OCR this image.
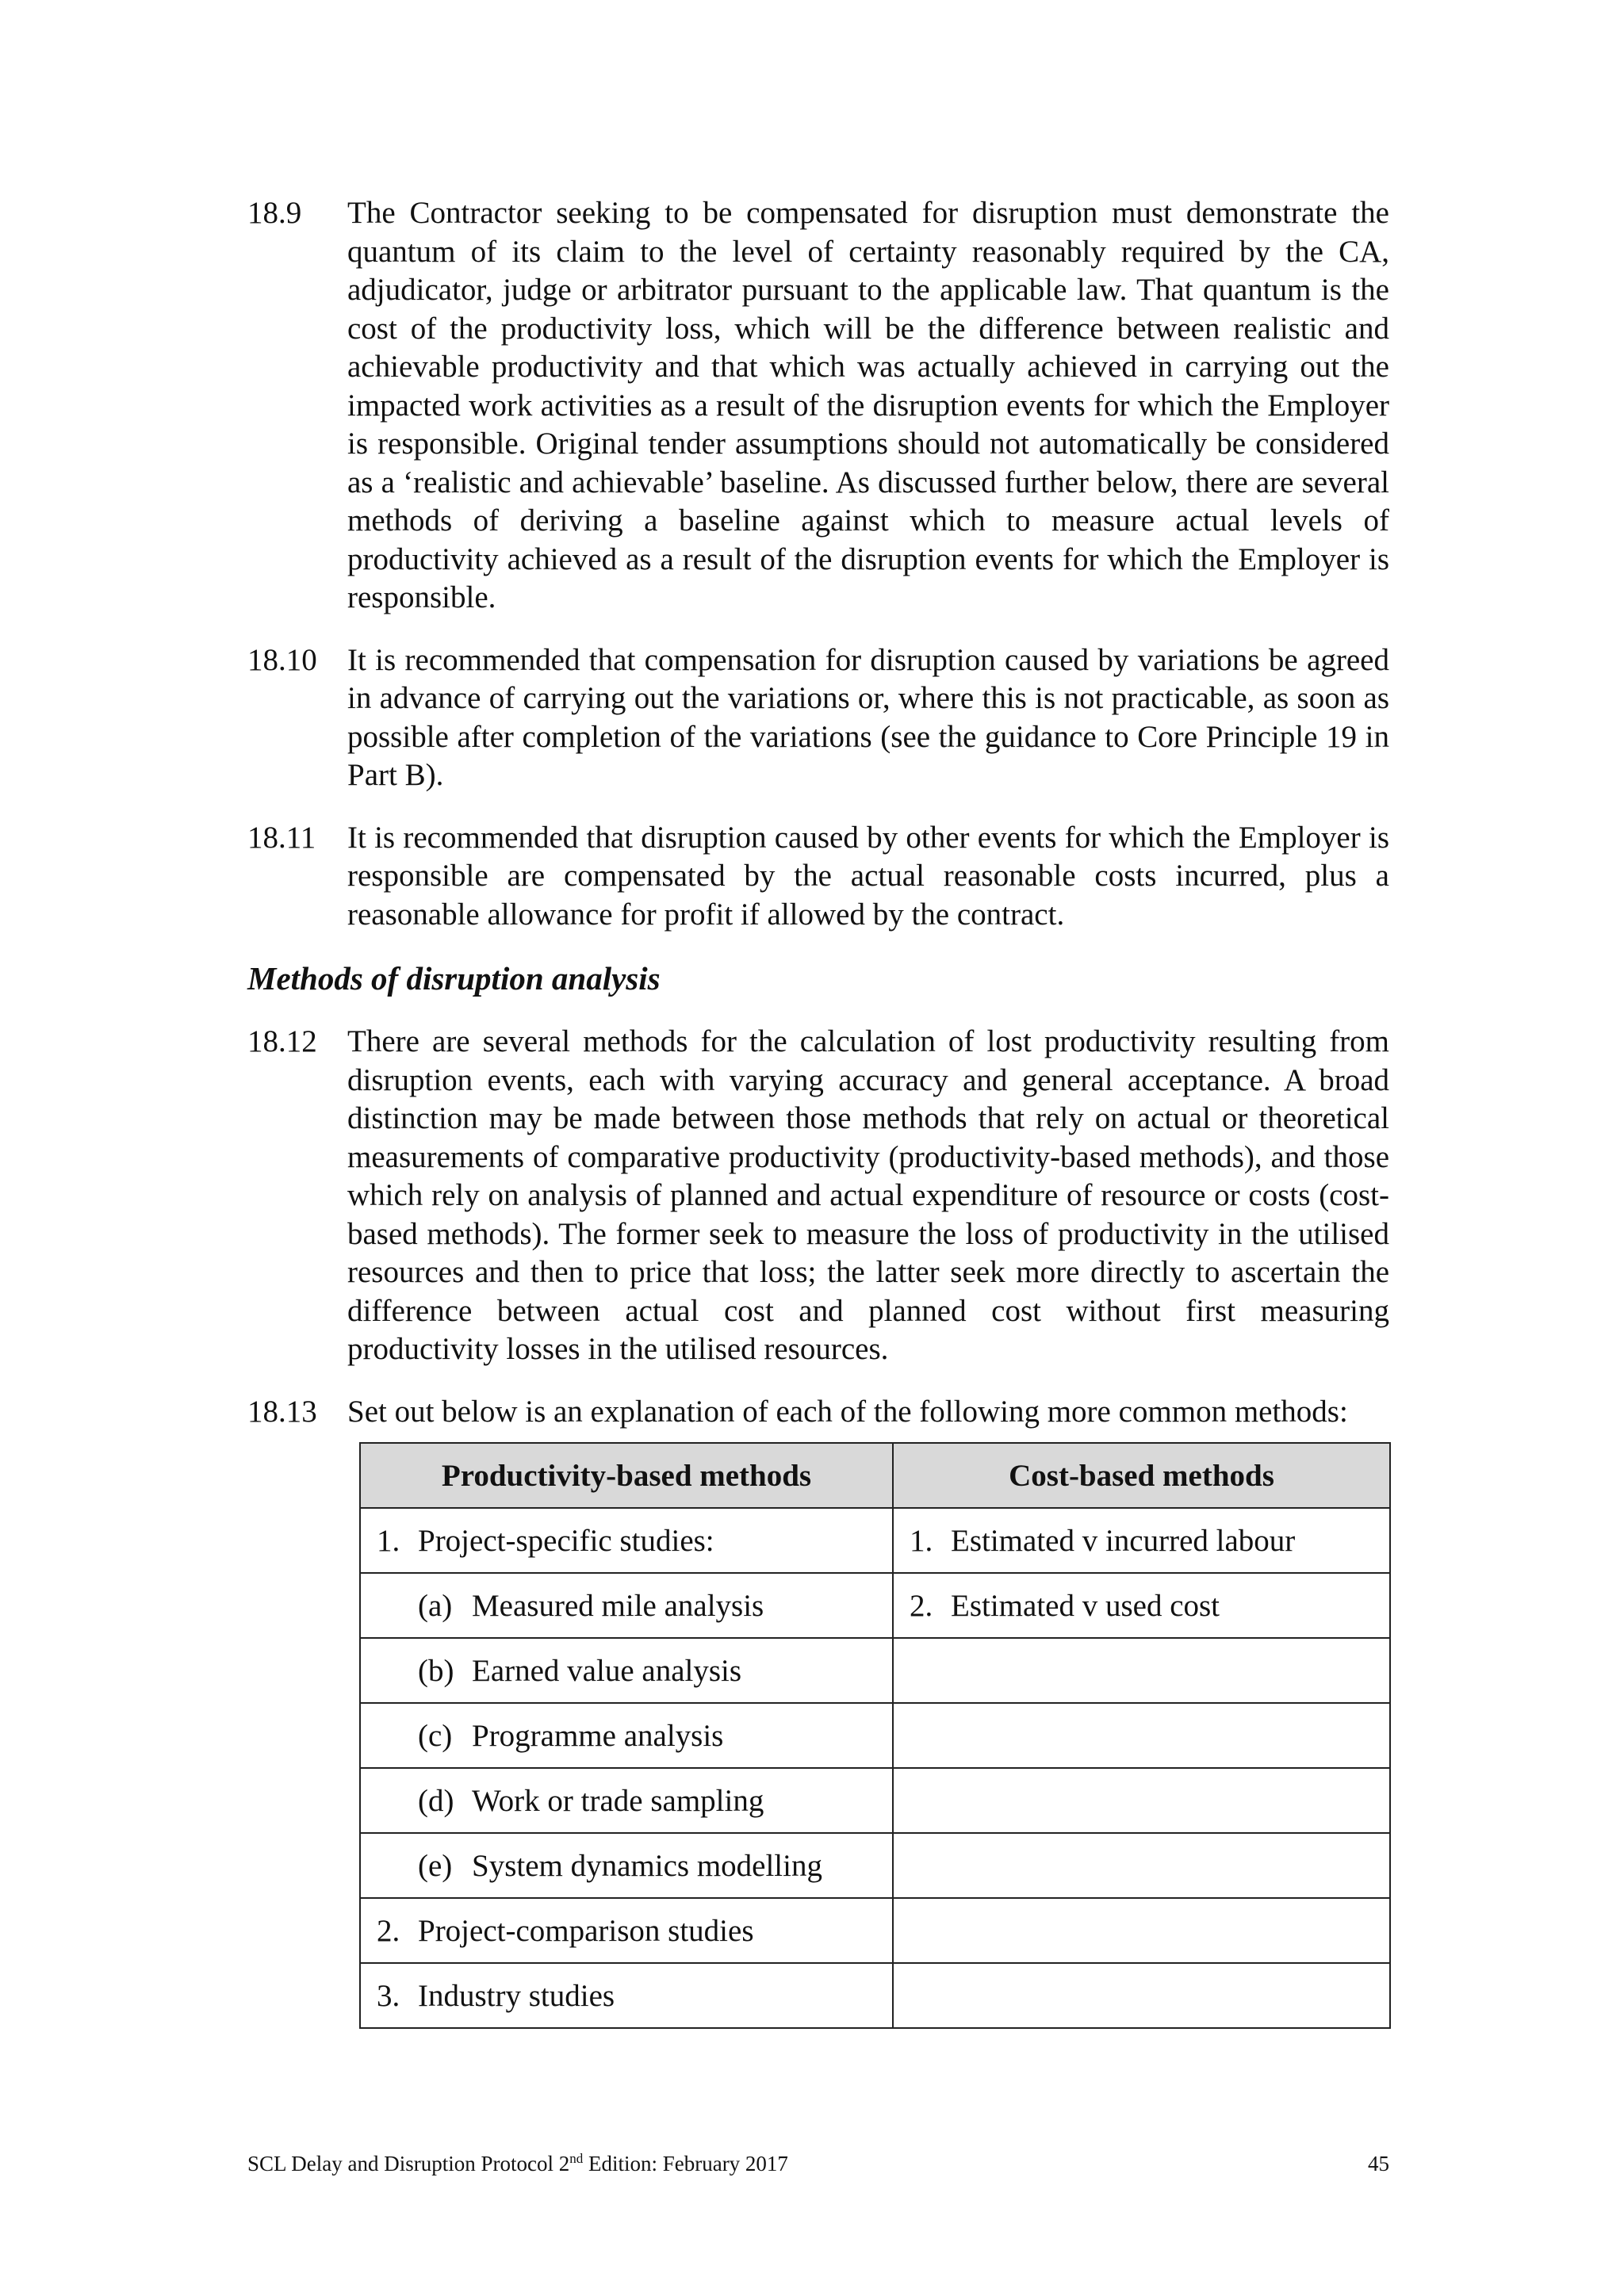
18.9	The Contractor seeking to be compensated for disruption must demonstrate the quantum of its claim to the level of certainty reasonably required by the CA, adjudicator, judge or arbitrator pursuant to the applicable law. That quantum is the cost of the productivity loss, which will be the difference between realistic and achievable productivity and that which was actually achieved in carrying out the impacted work activities as a result of the disruption events for which the Employer is responsible. Original tender assumptions should not automatically be considered as a ‘realistic and achievable’ baseline. As discussed further below, there are several methods of deriving a baseline against which to measure actual levels of productivity achieved as a result of the disruption events for which the Employer is responsible.
18.10 It is recommended that compensation for disruption caused by variations be agreed in advance of carrying out the variations or, where this is not practicable, as soon as possible after completion of the variations (see the guidance to Core Principle 19 in Part B).
18.11	It is recommended that disruption caused by other events for which the Employer is responsible are compensated by the actual reasonable costs incurred, plus a reasonable allowance for profit if allowed by the contract.
Methods of disruption analysis
18.12 There are several methods for the calculation of lost productivity resulting from disruption events, each with varying accuracy and general acceptance. A broad distinction may be made between those methods that rely on actual or theoretical measurements of comparative productivity (productivity-based methods), and those which rely on analysis of planned and actual expenditure of resource or costs (cost-based methods). The former seek to measure the loss of productivity in the utilised resources and then to price that loss; the latter seek more directly to ascertain the difference between actual cost and planned cost without first measuring productivity losses in the utilised resources.
18.13 Set out below is an explanation of each of the following more common methods:
Productivity-based methods	Cost-based methods
1. Project-specific studies:	1. Estimated v incurred labour
(a) Measured mile analysis	2. Estimated v used cost
(b) Earned value analysis	
(c) Programme analysis	
(d) Work or trade sampling	
(e) System dynamics modelling	
2. Project-comparison studies	
3. Industry studies	
SCL Delay and Disruption Protocol 2nd Edition: February 2017	45
